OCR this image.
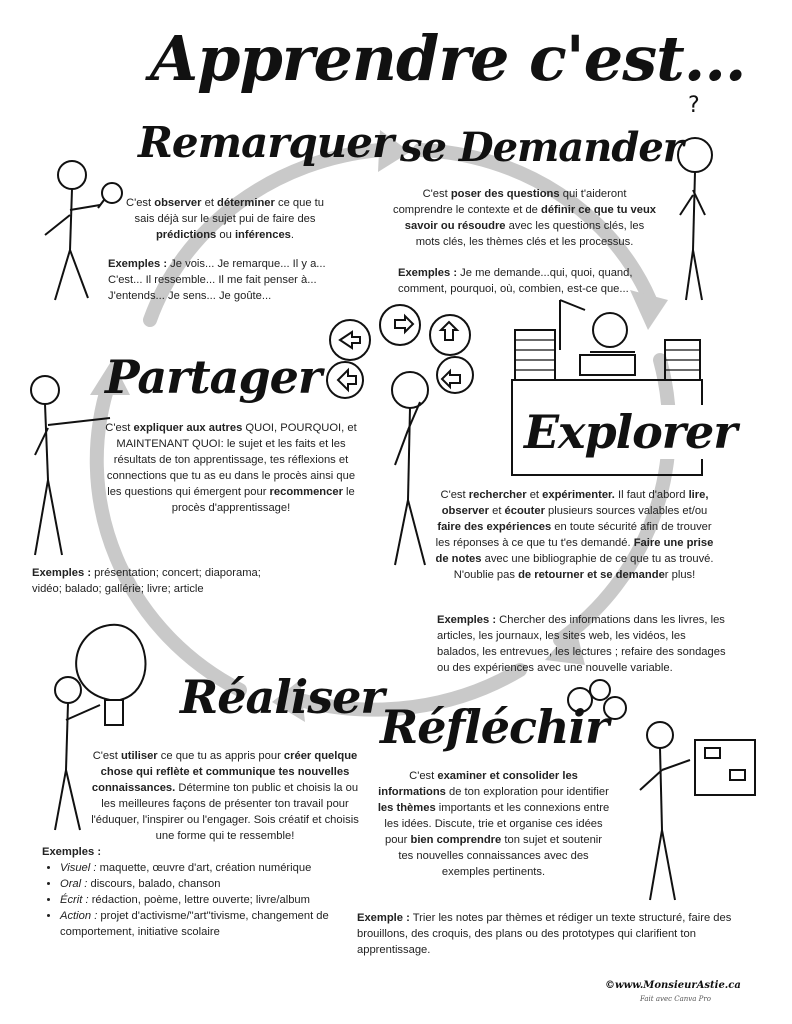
?
Apprendre c'est...
Remarquer
C'est observer et déterminer ce que tu sais déjà sur le sujet pui de faire des prédictions ou inférences.
Exemples : Je vois... Je remarque... Il y a... C'est... Il ressemble... Il me fait penser à... J'entends... Je sens... Je goûte...
se Demander
C'est poser des questions qui t'aideront comprendre le contexte et de définir ce que tu veux savoir ou résoudre avec les questions clés, les mots clés, les thèmes clés et les processus.
Exemples : Je me demande...qui, quoi, quand, comment, pourquoi, où, combien, est-ce que...
Partager
C'est expliquer aux autres QUOI, POURQUOI, et MAINTENANT QUOI: le sujet et les faits et les résultats de ton apprentissage, tes réflexions et connections que tu as eu dans le procès ainsi que les questions qui émergent pour recommencer le procès d'apprentissage!
Exemples : présentation; concert; diaporama; vidéo; balado; gallérie; livre; article
Explorer
C'est rechercher et expérimenter. Il faut d'abord lire, observer et écouter plusieurs sources valables et/ou faire des expériences en toute sécurité afin de trouver les réponses à ce que tu t'es demandé. Faire une prise de notes avec une bibliographie de ce que tu as trouvé. N'oublie pas de retourner et se demander plus!
Exemples : Chercher des informations dans les livres, les articles, les journaux, les sites web, les vidéos, les balados, les entrevues, les lectures ; refaire des sondages ou des expériences avec une nouvelle variable.
Réaliser
C'est utiliser ce que tu as appris pour créer quelque chose qui reflète et communique tes nouvelles connaissances. Détermine ton public et choisis la ou les meilleures façons de présenter ton travail pour l'éduquer, l'inspirer ou l'engager. Sois créatif et choisis une forme qui te ressemble!
Exemples :
• Visuel : maquette, œuvre d'art, création numérique
• Oral : discours, balado, chanson
• Écrit : rédaction, poème, lettre ouverte; livre/album
• Action : projet d'activisme/"art"tivisme, changement de comportement, initiative scolaire
Réfléchir
C'est examiner et consolider les informations de ton exploration pour identifier les thèmes importants et les connexions entre les idées. Discute, trie et organise ces idées pour bien comprendre ton sujet et soutenir tes nouvelles connaissances avec des exemples pertinents.
Exemple : Trier les notes par thèmes et rédiger un texte structuré, faire des brouillons, des croquis, des plans ou des prototypes qui clarifient ton apprentissage.
©www.MonsieurAstie.ca
Fait avec Canva Pro
